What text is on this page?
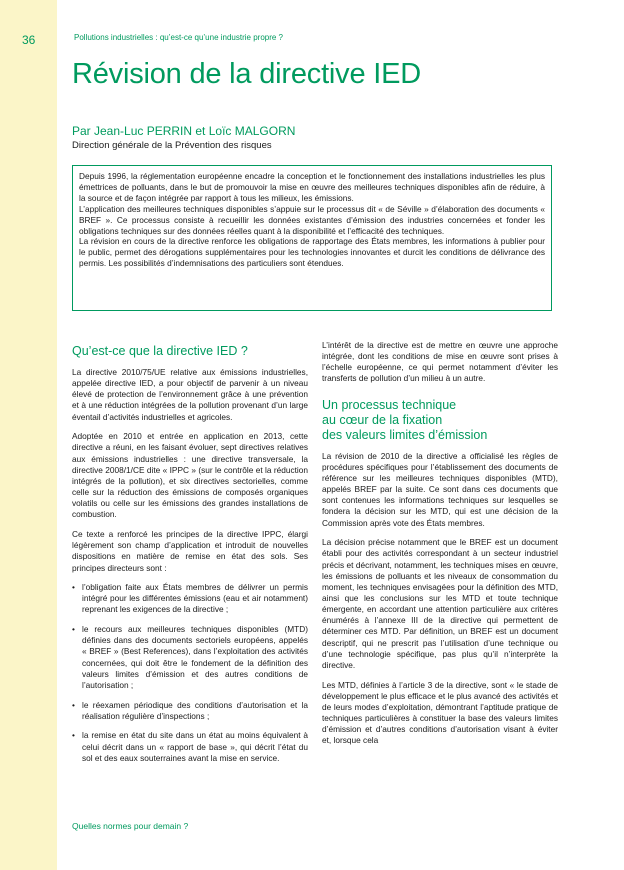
36	Pollutions industrielles : qu’est-ce qu’une industrie propre ?
Révision de la directive IED
Par Jean-Luc PERRIN et Loïc MALGORN
Direction générale de la Prévention des risques

Depuis 1996, la réglementation européenne encadre la conception et le fonctionnement des installations industrielles les plus émettrices de polluants, dans le but de promouvoir la mise en œuvre des meilleures techniques disponibles afin de réduire, à la source et de façon intégrée par rapport à tous les milieux, les émissions.

L’application des meilleures techniques disponibles s’appuie sur le processus dit « de Séville » d’élaboration des documents « BREF ». Ce processus consiste à recueillir les données existantes d’émission des industries concernées et fonder les obligations techniques sur des données réelles quant à la disponibilité et l’efficacité des techniques.

La révision en cours de la directive renforce les obligations de rapportage des États membres, les informations à publier pour le public, permet des dérogations supplémentaires pour les technologies innovantes et durcit les conditions de délivrance des permis. Les possibilités d’indemnisations des particuliers sont étendues.

Qu’est-ce que la directive IED ?

La directive 2010/75/UE relative aux émissions industrielles, appelée directive IED, a pour objectif de parvenir à un niveau élevé de protection de l’environnement grâce à une prévention et à une réduction intégrées de la pollution provenant d’un large éventail d’activités industrielles et agricoles.

Adoptée en 2010 et entrée en application en 2013, cette directive a réuni, en les faisant évoluer, sept directives relatives aux émissions industrielles : une directive transversale, la directive 2008/1/CE dite « IPPC » (sur le contrôle et la réduction intégrés de la pollution), et six directives sectorielles, comme celle sur la réduction des émissions de composés organiques volatils ou celle sur les émissions des grandes installations de combustion.

Ce texte a renforcé les principes de la directive IPPC, élargi légèrement son champ d’application et introduit de nouvelles dispositions en matière de remise en état des sols. Ses principes directeurs sont :

• l’obligation faite aux États membres de délivrer un permis intégré pour les différentes émissions (eau et air notamment) reprenant les exigences de la directive ;
• le recours aux meilleures techniques disponibles (MTD) définies dans des documents sectoriels européens, appelés « BREF » (Best References), dans l’exploitation des activités concernées, qui doit être le fondement de la définition des valeurs limites d’émission et des autres conditions de l’autorisation ;
• le réexamen périodique des conditions d’autorisation et la réalisation régulière d’inspections ;
• la remise en état du site dans un état au moins équivalent à celui décrit dans un « rapport de base », qui décrit l’état du sol et des eaux souterraines avant la mise en service.

L’intérêt de la directive est de mettre en œuvre une approche intégrée, dont les conditions de mise en œuvre sont prises à l’échelle européenne, ce qui permet notamment d’éviter les transferts de pollution d’un milieu à un autre.

Un processus technique
au cœur de la fixation
des valeurs limites d’émission

La révision de 2010 de la directive a officialisé les règles de procédures spécifiques pour l’établissement des documents de référence sur les meilleures techniques disponibles (MTD), appelés BREF par la suite. Ce sont dans ces documents que sont contenues les informations techniques sur lesquelles se fondera la décision sur les MTD, qui est une décision de la Commission après vote des États membres.

La décision précise notamment que le BREF est un document établi pour des activités correspondant à un secteur industriel précis et décrivant, notamment, les techniques mises en œuvre, les émissions de polluants et les niveaux de consommation du moment, les techniques envisagées pour la définition des MTD, ainsi que les conclusions sur les MTD et toute technique émergente, en accordant une attention particulière aux critères énumérés à l’annexe III de la directive qui permettent de déterminer ces MTD. Par définition, un BREF est un document descriptif, qui ne prescrit pas l’utilisation d’une technique ou d’une technologie spécifique, pas plus qu’il n’interprète la directive.

Les MTD, définies à l’article 3 de la directive, sont « le stade de développement le plus efficace et le plus avancé des activités et de leurs modes d’exploitation, démontrant l’aptitude pratique de techniques particulières à constituer la base des valeurs limites d’émission et d’autres conditions d’autorisation visant à éviter et, lorsque cela

Quelles normes pour demain ?
